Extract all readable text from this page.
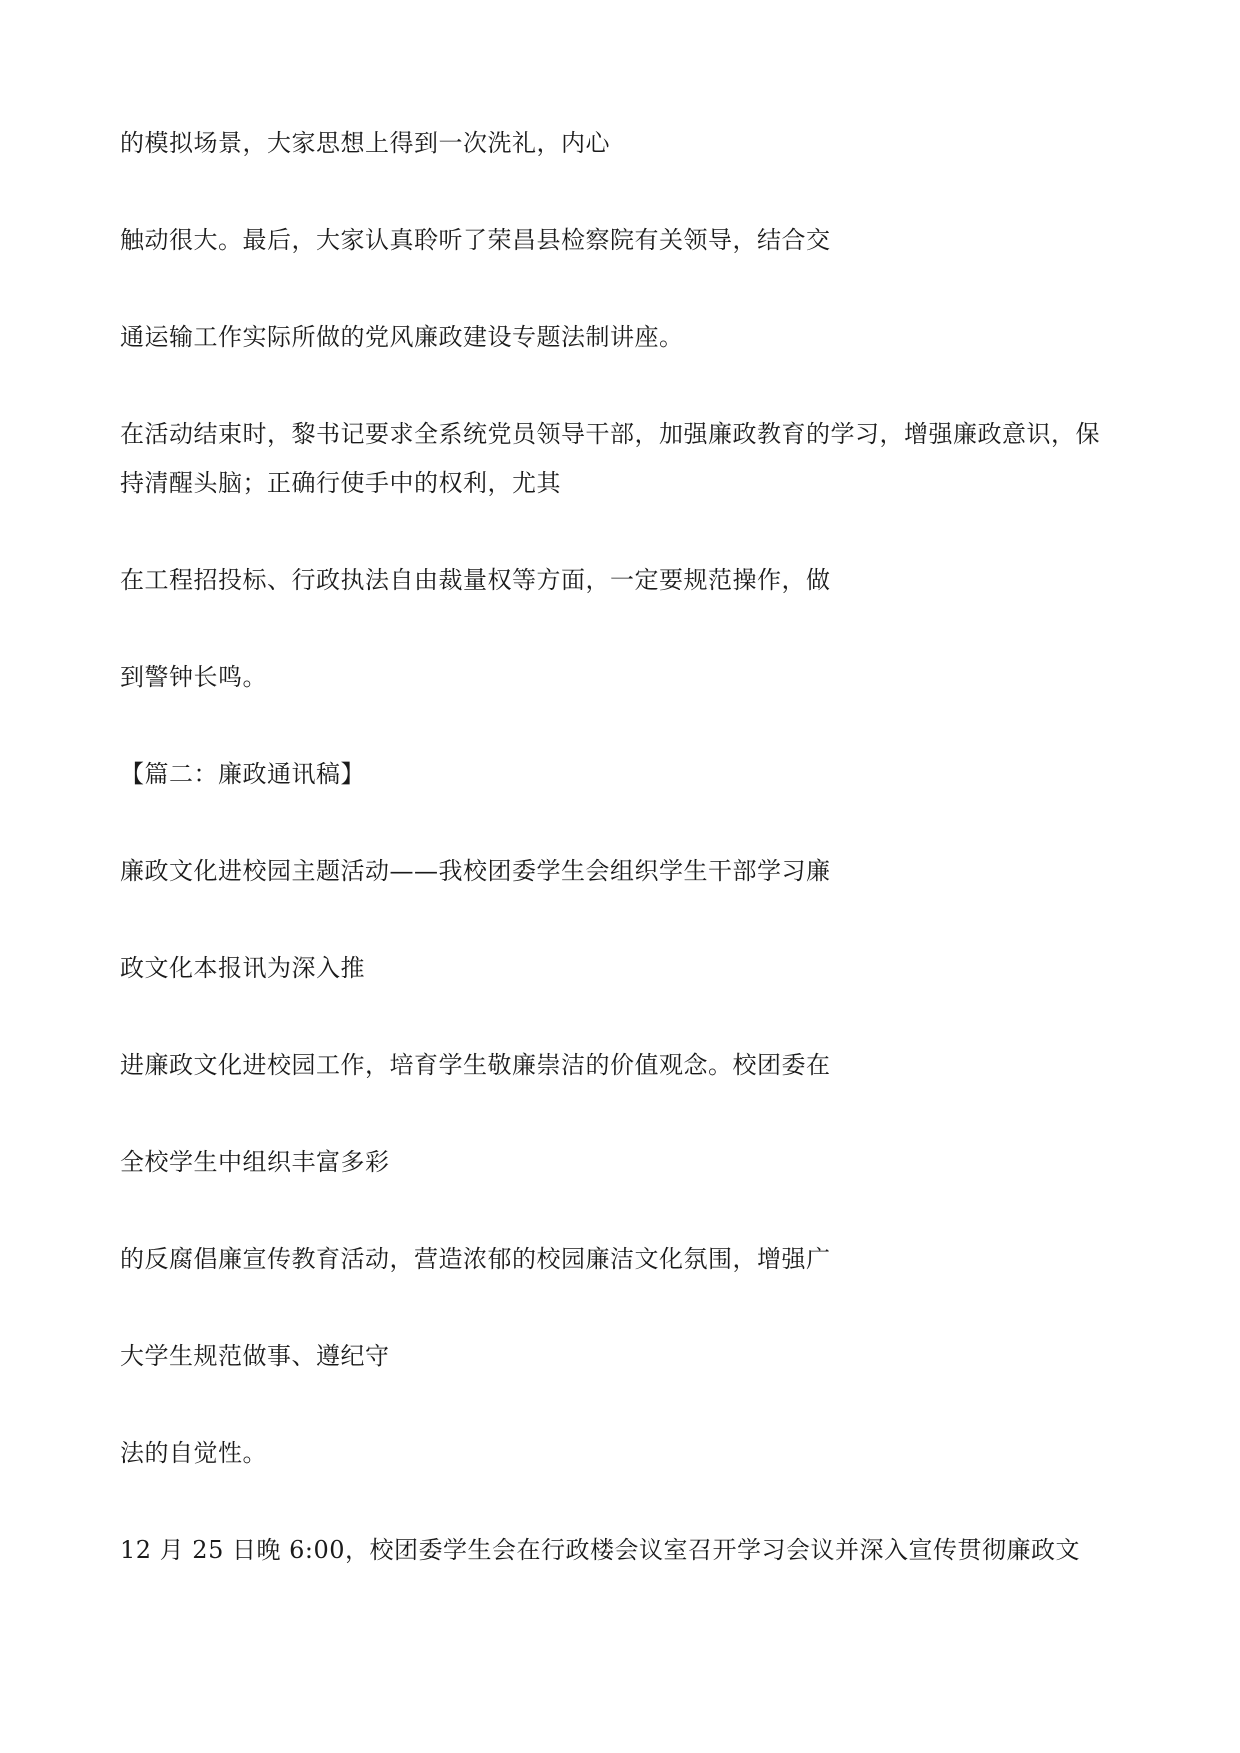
的模拟场景，大家思想上得到一次洗礼，内心

触动很大。最后，大家认真聆听了荣昌县检察院有关领导，结合交

通运输工作实际所做的党风廉政建设专题法制讲座。

在活动结束时，黎书记要求全系统党员领导干部，加强廉政教育的学习，增强廉政意识，保

持清醒头脑；正确行使手中的权利，尤其

在工程招投标、行政执法自由裁量权等方面，一定要规范操作，做

到警钟长鸣。

【篇二：廉政通讯稿】

廉政文化进校园主题活动——我校团委学生会组织学生干部学习廉

政文化本报讯为深入推

进廉政文化进校园工作，培育学生敬廉崇洁的价值观念。校团委在

全校学生中组织丰富多彩

的反腐倡廉宣传教育活动，营造浓郁的校园廉洁文化氛围，增强广

大学生规范做事、遵纪守

法的自觉性。

12 月 25 日晚 6:00，校团委学生会在行政楼会议室召开学习会议并深入宣传贯彻廉政文
